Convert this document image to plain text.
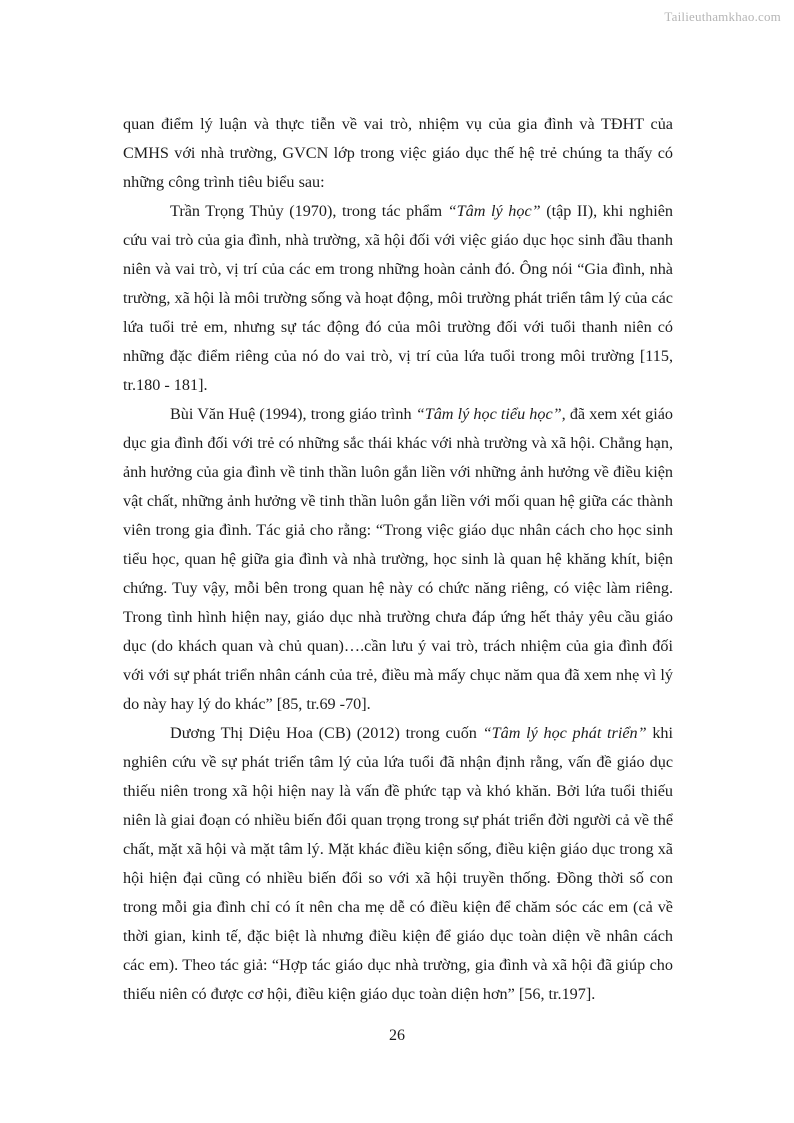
Tailieuthamkhao.com

quan điểm lý luận và thực tiễn về vai trò, nhiệm vụ của gia đình và TĐHT của CMHS với nhà trường, GVCN lớp trong việc giáo dục thế hệ trẻ chúng ta thấy có những công trình tiêu biểu sau:

Trần Trọng Thủy (1970), trong tác phẩm “Tâm lý học” (tập II), khi nghiên cứu vai trò của gia đình, nhà trường, xã hội đối với việc giáo dục học sinh đầu thanh niên và vai trò, vị trí của các em trong những hoàn cảnh đó. Ông nói “Gia đình, nhà trường, xã hội là môi trường sống và hoạt động, môi trường phát triển tâm lý của các lứa tuổi trẻ em, nhưng sự tác động đó của môi trường đối với tuổi thanh niên có những đặc điểm riêng của nó do vai trò, vị trí của lứa tuổi trong môi trường [115, tr.180 - 181].

Bùi Văn Huệ (1994), trong giáo trình “Tâm lý học tiểu học”, đã xem xét giáo dục gia đình đối với trẻ có những sắc thái khác với nhà trường và xã hội. Chẳng hạn, ảnh hưởng của gia đình về tinh thần luôn gắn liền với những ảnh hưởng về điều kiện vật chất, những ảnh hưởng về tinh thần luôn gắn liền với mối quan hệ giữa các thành viên trong gia đình. Tác giả cho rằng: “Trong việc giáo dục nhân cách cho học sinh tiểu học, quan hệ giữa gia đình và nhà trường, học sinh là quan hệ khăng khít, biện chứng. Tuy vậy, mỗi bên trong quan hệ này có chức năng riêng, có việc làm riêng. Trong tình hình hiện nay, giáo dục nhà trường chưa đáp ứng hết thảy yêu cầu giáo dục (do khách quan và chủ quan)….cần lưu ý vai trò, trách nhiệm của gia đình đối với với sự phát triển nhân cánh của trẻ, điều mà mấy chục năm qua đã xem nhẹ vì lý do này hay lý do khác” [85, tr.69 -70].

Dương Thị Diệu Hoa (CB) (2012) trong cuốn “Tâm lý học phát triển” khi nghiên cứu về sự phát triển tâm lý của lứa tuổi đã nhận định rằng, vấn đề giáo dục thiếu niên trong xã hội hiện nay là vấn đề phức tạp và khó khăn. Bởi lứa tuổi thiếu niên là giai đoạn có nhiều biến đổi quan trọng trong sự phát triển đời người cả về thể chất, mặt xã hội và mặt tâm lý. Mặt khác điều kiện sống, điều kiện giáo dục trong xã hội hiện đại cũng có nhiều biến đổi so với xã hội truyền thống. Đồng thời số con trong mỗi gia đình chỉ có ít nên cha mẹ dễ có điều kiện để chăm sóc các em (cả về thời gian, kinh tế, đặc biệt là nhưng điều kiện để giáo dục toàn diện về nhân cách các em). Theo tác giả: “Hợp tác giáo dục nhà trường, gia đình và xã hội đã giúp cho thiếu niên có được cơ hội, điều kiện giáo dục toàn diện hơn” [56, tr.197].

26
